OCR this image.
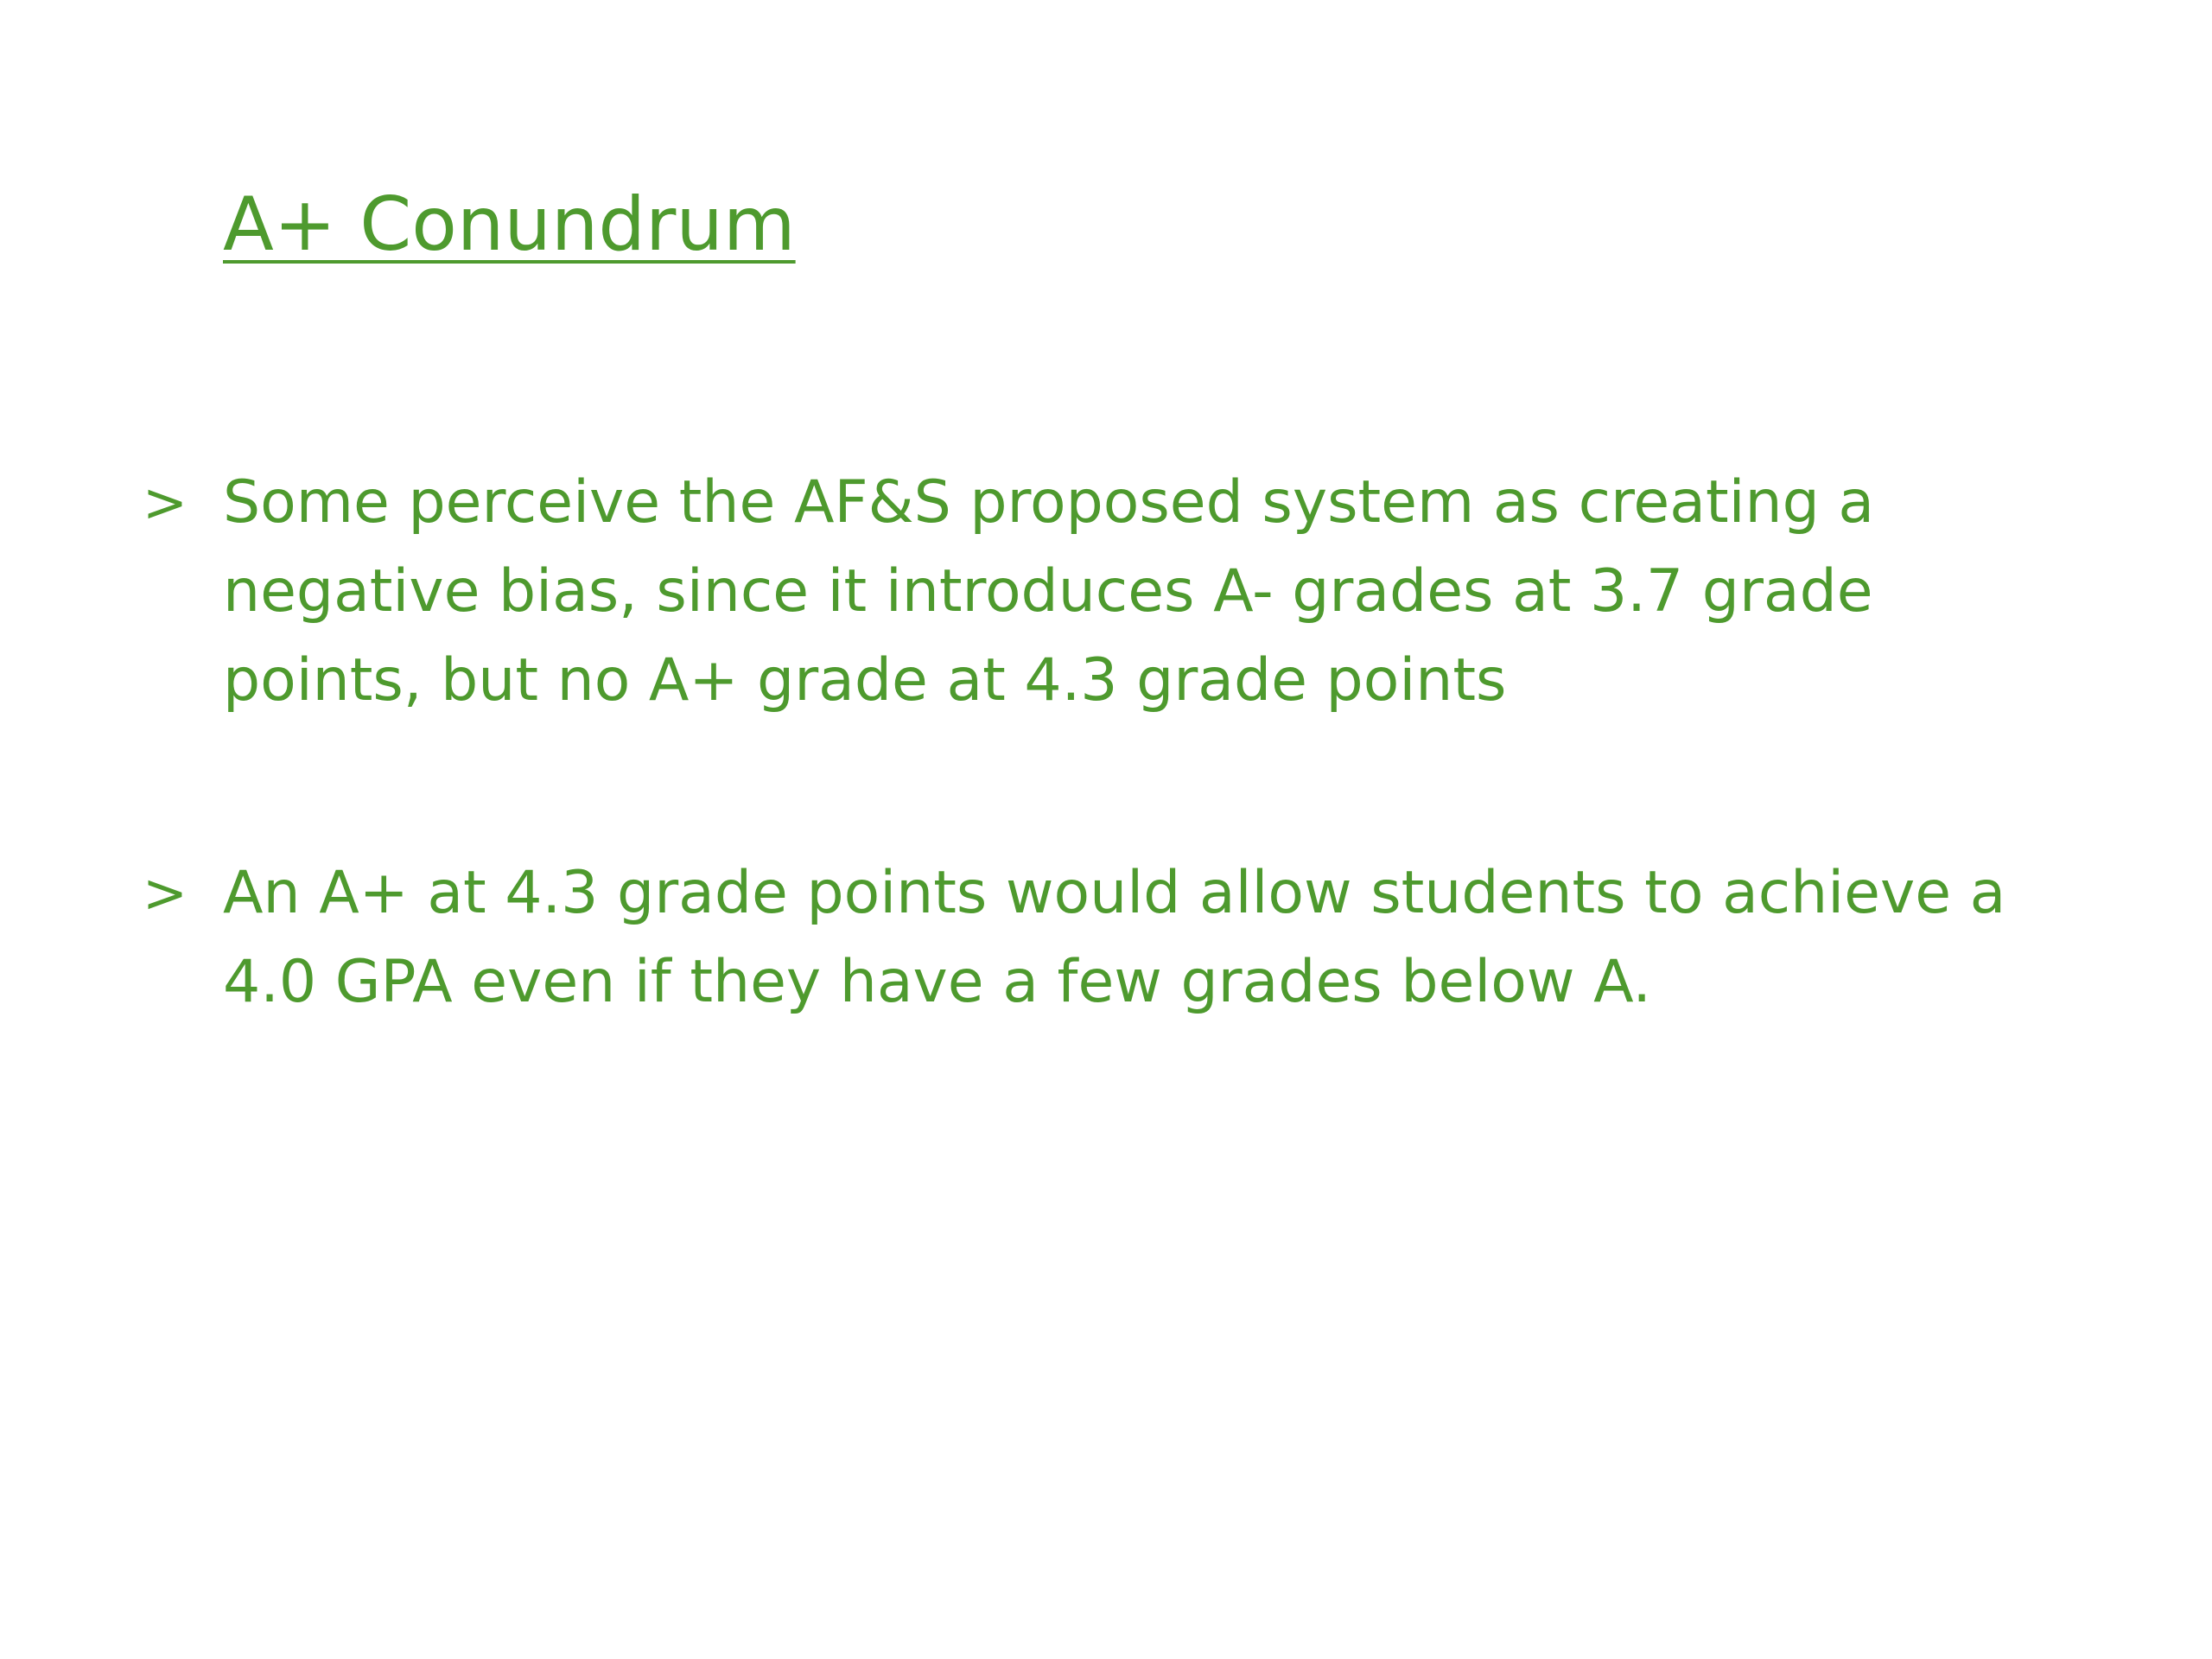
A+ Conundrum
> Some perceive the AF&S proposed system as creating a negative bias, since it introduces A- grades at 3.7 grade points, but no A+ grade at 4.3 grade points

> An A+ at 4.3 grade points would allow students to achieve a 4.0 GPA even if they have a few grades below A.
